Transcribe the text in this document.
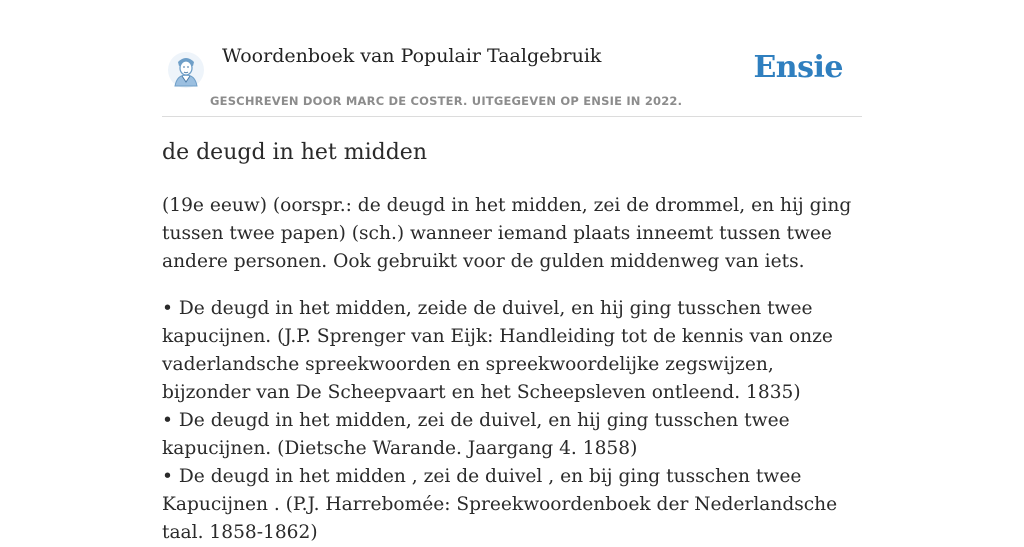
Woordenboek van Populair Taalgebruik
GESCHREVEN DOOR MARC DE COSTER. UITGEGEVEN OP ENSIE IN 2022.
Ensie
de deugd in het midden

(19e eeuw) (oorspr.: de deugd in het midden, zei de drommel, en hij ging tussen twee papen) (sch.) wanneer iemand plaats inneemt tussen twee andere personen. Ook gebruikt voor de gulden middenweg van iets.

• De deugd in het midden, zeide de duivel, en hij ging tusschen twee kapucijnen. (J.P. Sprenger van Eijk: Handleiding tot de kennis van onze vaderlandsche spreekwoorden en spreekwoordelijke zegswijzen, bijzonder van De Scheepvaart en het Scheepsleven ontleend. 1835)

• De deugd in het midden, zei de duivel, en hij ging tusschen twee kapucijnen. (Dietsche Warande. Jaargang 4. 1858)

• De deugd in het midden , zei de duivel , en bij ging tusschen twee Kapucijnen . (P.J. Harrebomée: Spreekwoordenboek der Nederlandsche taal. 1858-1862)
